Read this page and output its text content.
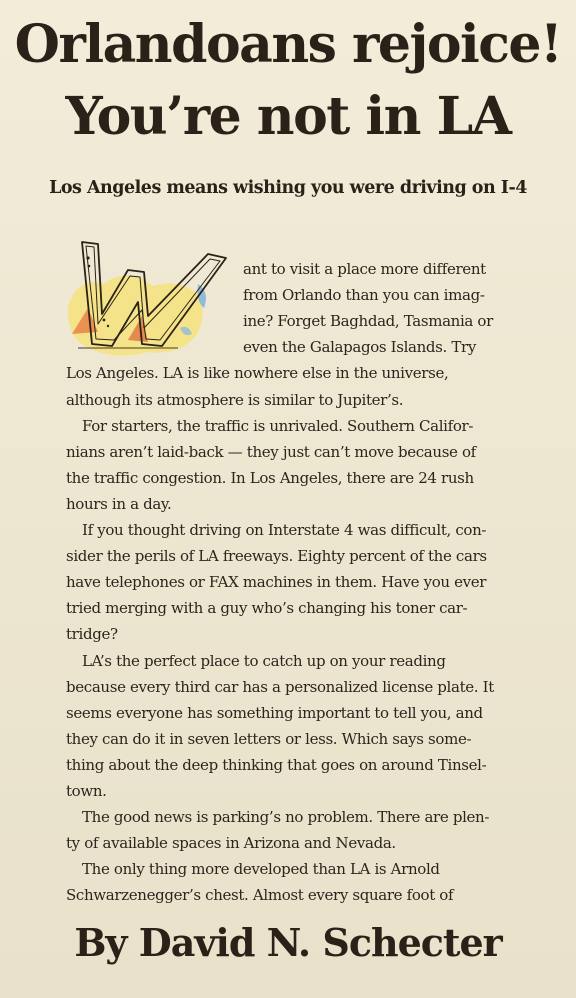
Orlandoans rejoice!
You’re not in LA
Los Angeles means wishing you were driving on I-4
ant to visit a place more different
from Orlando than you can imag-
ine? Forget Baghdad, Tasmania or
even the Galapagos Islands. Try
Los Angeles. LA is like nowhere else in the universe,
although its atmosphere is similar to Jupiter’s.
For starters, the traffic is unrivaled. Southern Califor-
nians aren’t laid-back — they just can’t move because of
the traffic congestion. In Los Angeles, there are 24 rush
hours in a day.
If you thought driving on Interstate 4 was difficult, con-
sider the perils of LA freeways. Eighty percent of the cars
have telephones or FAX machines in them. Have you ever
tried merging with a guy who’s changing his toner car-
tridge?
LA’s the perfect place to catch up on your reading
because every third car has a personalized license plate. It
seems everyone has something important to tell you, and
they can do it in seven letters or less. Which says some-
thing about the deep thinking that goes on around Tinsel-
town.
The good news is parking’s no problem. There are plen-
ty of available spaces in Arizona and Nevada.
The only thing more developed than LA is Arnold
Schwarzenegger’s chest. Almost every square foot of
By David N. Schecter
